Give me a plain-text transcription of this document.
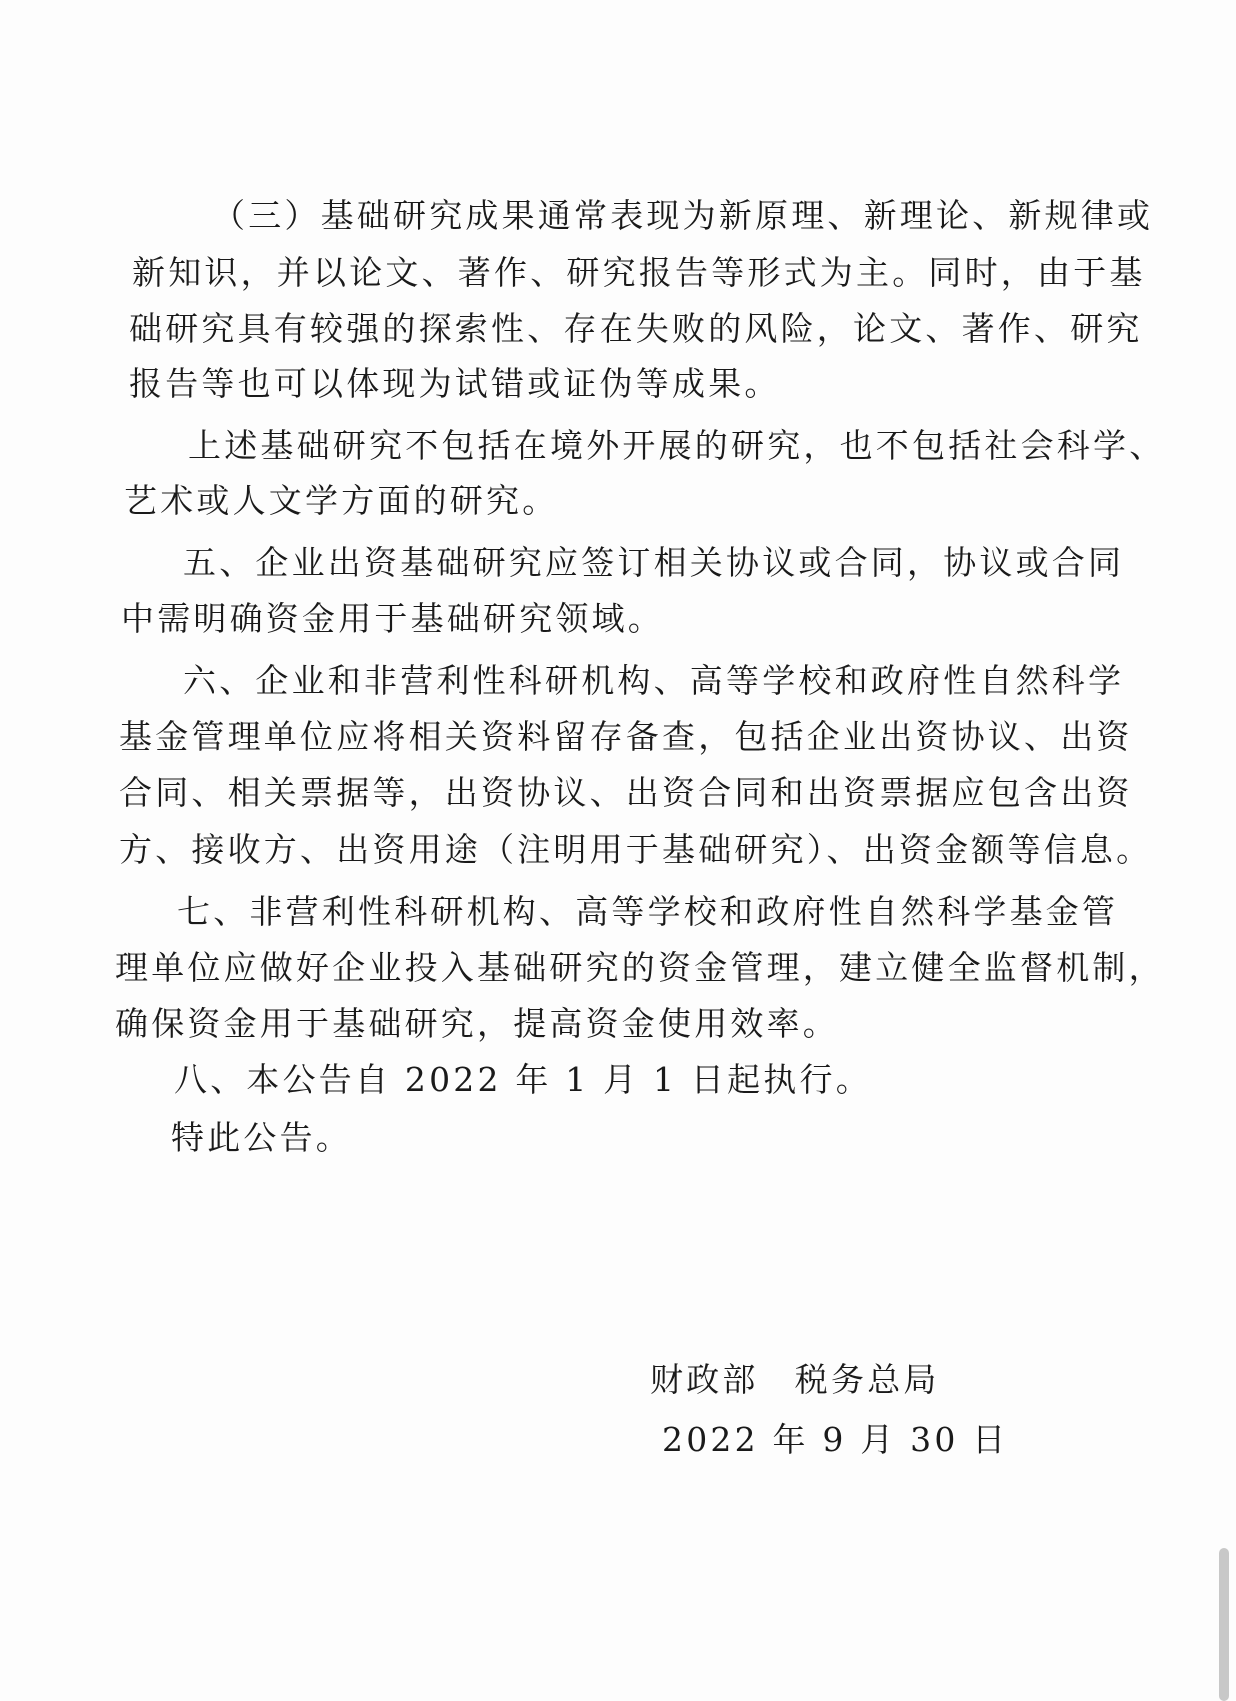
（三）基础研究成果通常表现为新原理、新理论、新规律或
新知识，并以论文、著作、研究报告等形式为主。同时，由于基
础研究具有较强的探索性、存在失败的风险，论文、著作、研究
报告等也可以体现为试错或证伪等成果。
上述基础研究不包括在境外开展的研究，也不包括社会科学、
艺术或人文学方面的研究。
五、企业出资基础研究应签订相关协议或合同，协议或合同
中需明确资金用于基础研究领域。
六、企业和非营利性科研机构、高等学校和政府性自然科学
基金管理单位应将相关资料留存备查，包括企业出资协议、出资
合同、相关票据等，出资协议、出资合同和出资票据应包含出资
方、接收方、出资用途（注明用于基础研究）、出资金额等信息。
七、非营利性科研机构、高等学校和政府性自然科学基金管
理单位应做好企业投入基础研究的资金管理，建立健全监督机制，
确保资金用于基础研究，提高资金使用效率。
八、本公告自 2022 年 1 月 1 日起执行。
特此公告。
财政部　税务总局
2022 年 9 月 30 日
